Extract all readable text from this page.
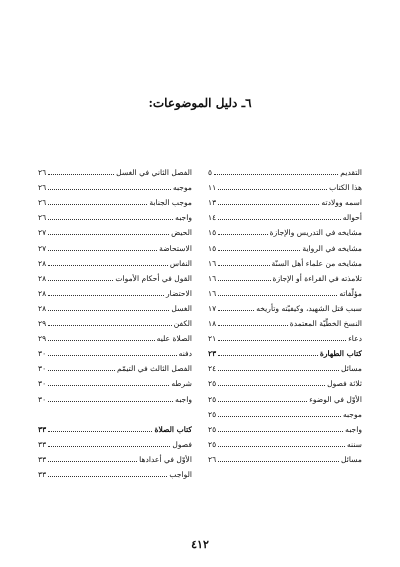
٦ـ دليل الموضوعات:
التقديم
٥
هذا الكتاب
١١
اسمه وولادته
١٣
أحواله
١٤
مشايخه في التدريس والإجازة
١٥
مشايخه في الرواية
١٥
مشايخه من علماء أهل السنّة
١٦
تلامذته في القراءة أو الإجازة
١٦
مؤلّفاته
١٦
سبب قتل الشهيد، وكيفيّته وتأريخه
١٧
النسخ الخطّيّة المعتمدة
١٨
دعاء
٢١
كتاب الطهارة
٢٣
مسائل
٢٤
ثلاثة فصول
٢٥
الأوّل في الوضوء
٢٥
موجبه
٢٥
واجبه
٢٥
سننه
٢٥
مسائل
٢٦
الفصل الثاني في الغسل
٢٦
موجبه
٢٦
موجب الجنابة
٢٦
واجبه
٢٦
الحيض
٢٧
الاستحاضة
٢٧
النفاس
٢٨
القول في أحكام الأموات
٢٨
الاحتضار
٢٨
الغسل
٢٨
الكفن
٢٩
الصلاة عليه
٢٩
دفنه
٣٠
الفصل الثالث في التيمّم
٣٠
شرطه
٣٠
واجبه
٣٠
كتاب الصلاة
٣٣
فصول
٣٣
الأوّل في أعدادها
٣٣
الواجب
٣٣
٤١٢
